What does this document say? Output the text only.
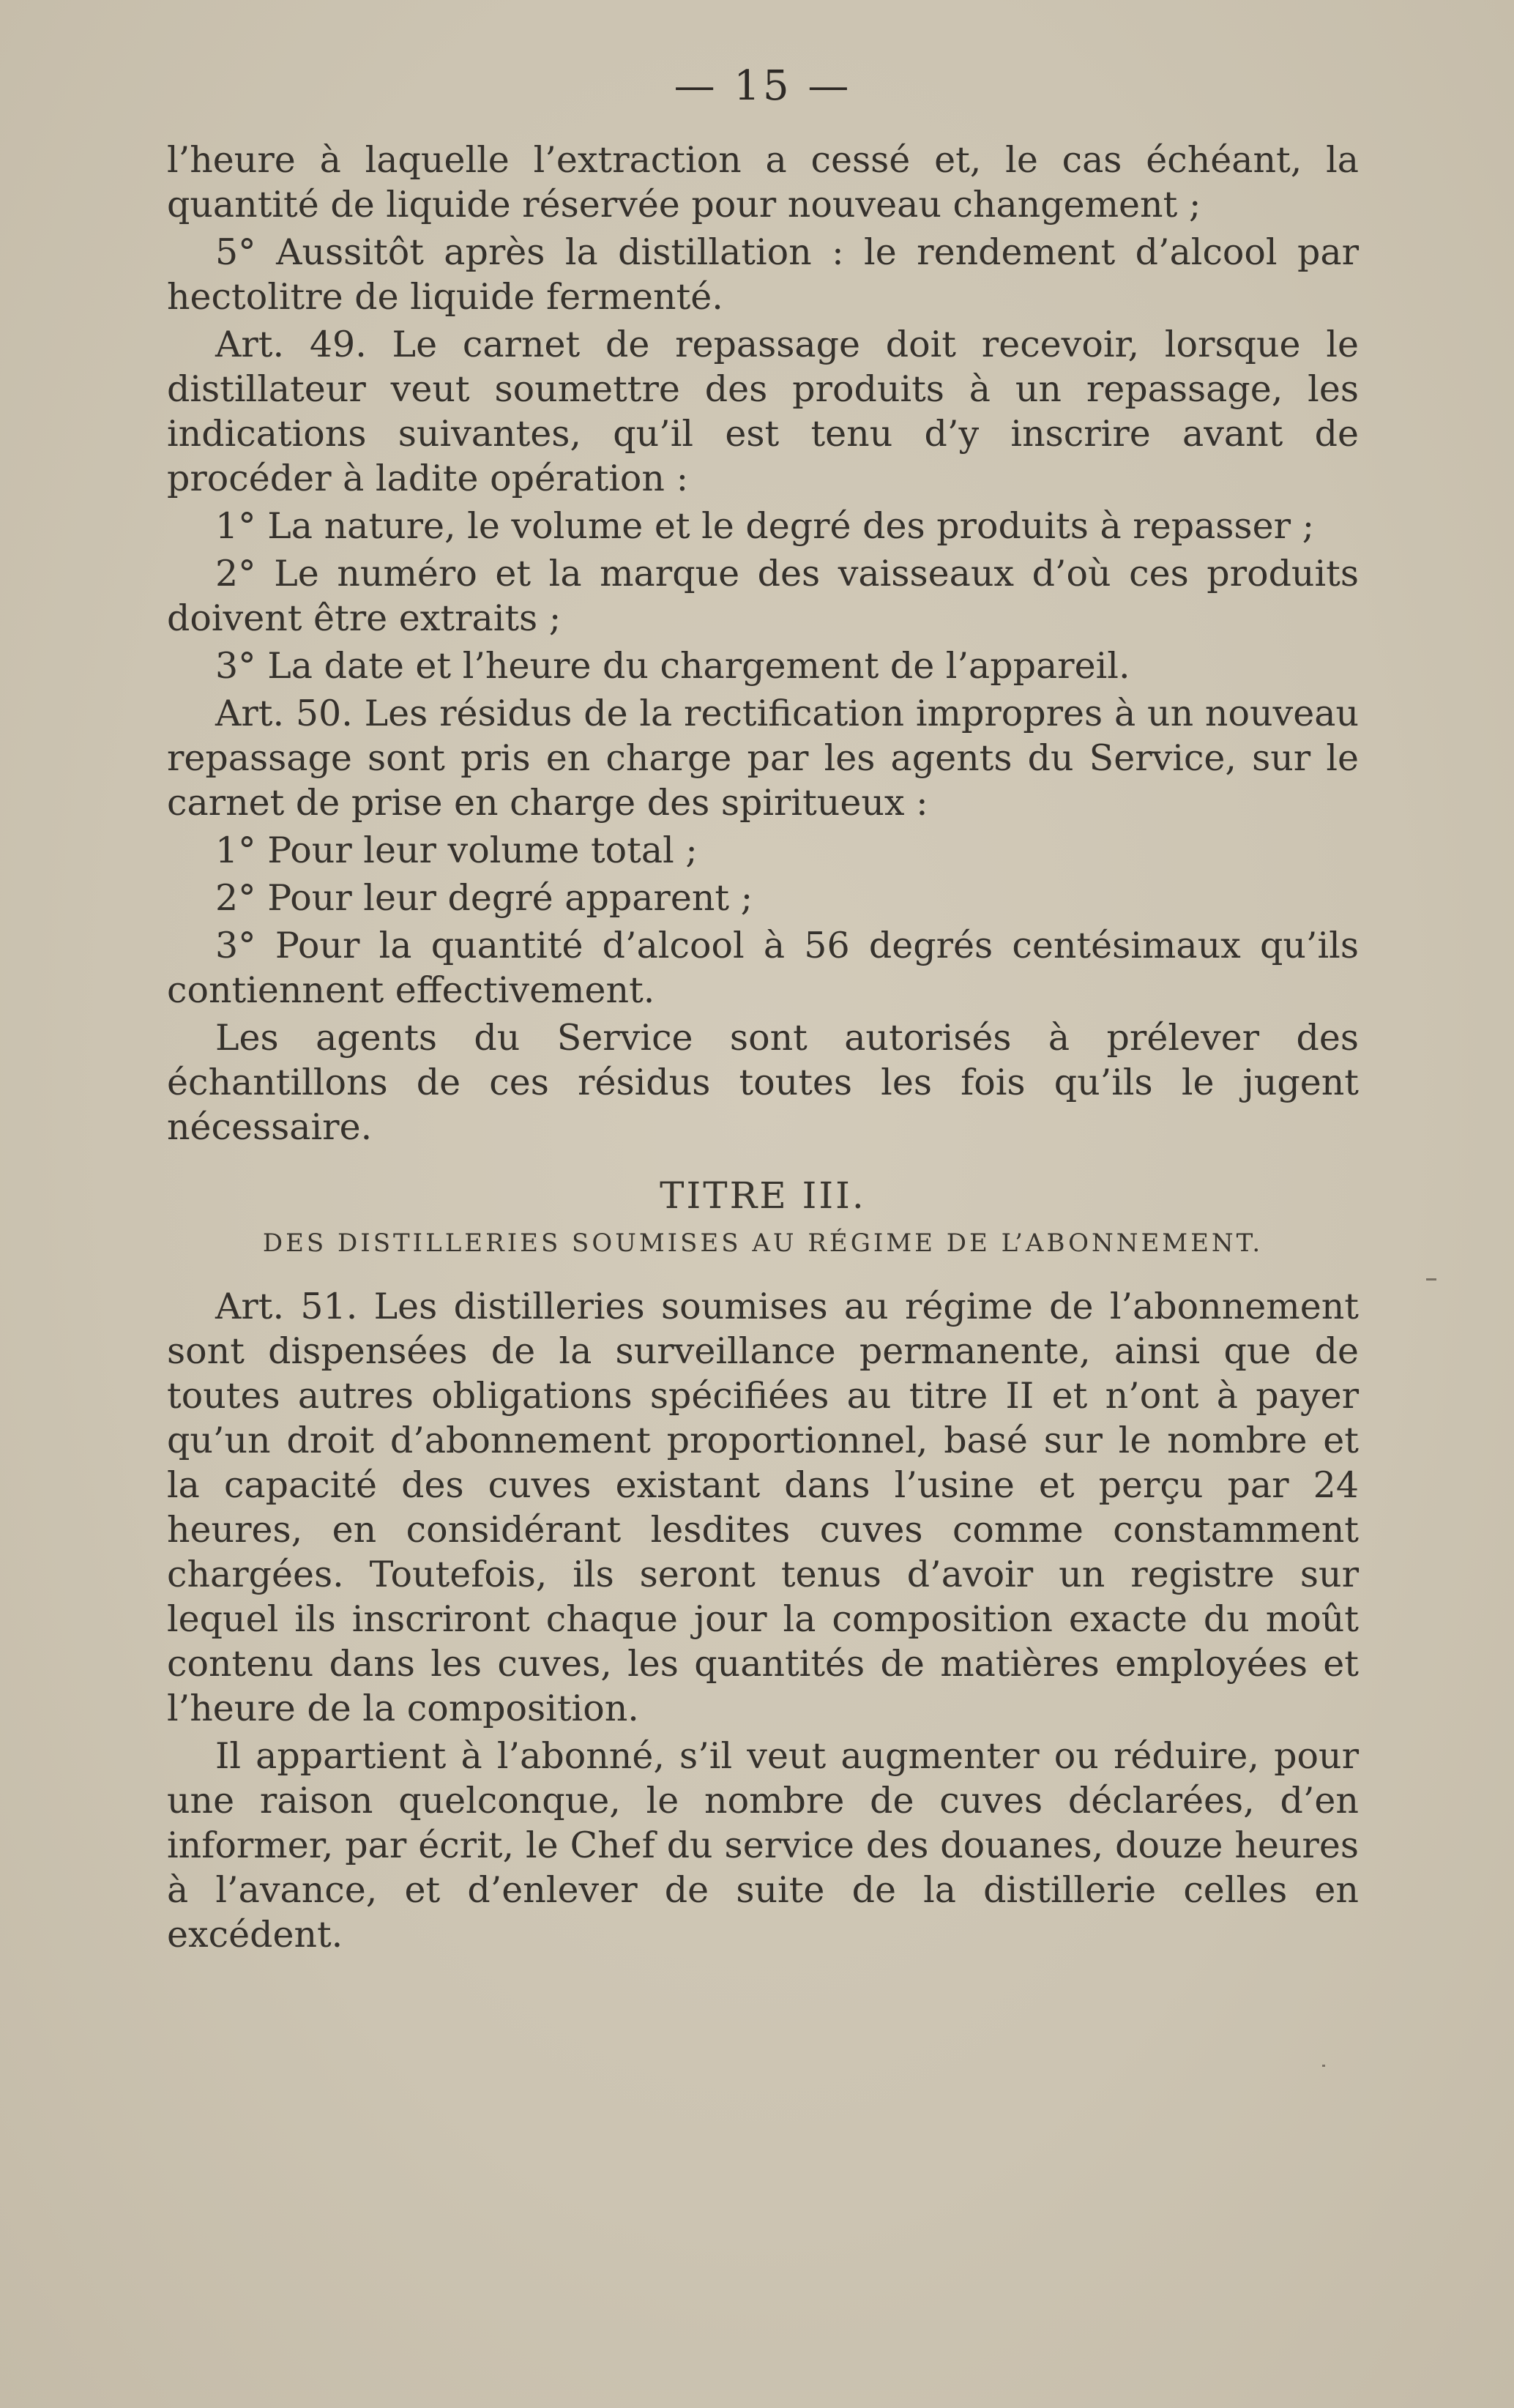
— 15 —

l’heure à laquelle l’extraction a cessé et, le cas échéant, la quantité de liquide réservée pour nouveau changement ;

5° Aussitôt après la distillation : le rendement d’alcool par hectolitre de liquide fermenté.

Art. 49. Le carnet de repassage doit recevoir, lorsque le distillateur veut soumettre des produits à un repassage, les indications suivantes, qu’il est tenu d’y inscrire avant de procéder à ladite opération :

1° La nature, le volume et le degré des produits à repasser ;

2° Le numéro et la marque des vaisseaux d’où ces produits doivent être extraits ;

3° La date et l’heure du chargement de l’appareil.

Art. 50. Les résidus de la rectification impropres à un nouveau repassage sont pris en charge par les agents du Service, sur le carnet de prise en charge des spiritueux :

1° Pour leur volume total ;

2° Pour leur degré apparent ;

3° Pour la quantité d’alcool à 56 degrés centésimaux qu’ils contiennent effectivement.

Les agents du Service sont autorisés à prélever des échantillons de ces résidus toutes les fois qu’ils le jugent nécessaire.

TITRE III.
DES DISTILLERIES SOUMISES AU RÉGIME DE L’ABONNEMENT.

Art. 51. Les distilleries soumises au régime de l’abonnement sont dispensées de la surveillance permanente, ainsi que de toutes autres obligations spécifiées au titre II et n’ont à payer qu’un droit d’abonnement proportionnel, basé sur le nombre et la capacité des cuves existant dans l’usine et perçu par 24 heures, en considérant lesdites cuves comme constamment chargées. Toutefois, ils seront tenus d’avoir un registre sur lequel ils inscriront chaque jour la composition exacte du moût contenu dans les cuves, les quantités de matières employées et l’heure de la composition.

Il appartient à l’abonné, s’il veut augmenter ou réduire, pour une raison quelconque, le nombre de cuves déclarées, d’en informer, par écrit, le Chef du service des douanes, douze heures à l’avance, et d’enlever de suite de la distillerie celles en excédent.
